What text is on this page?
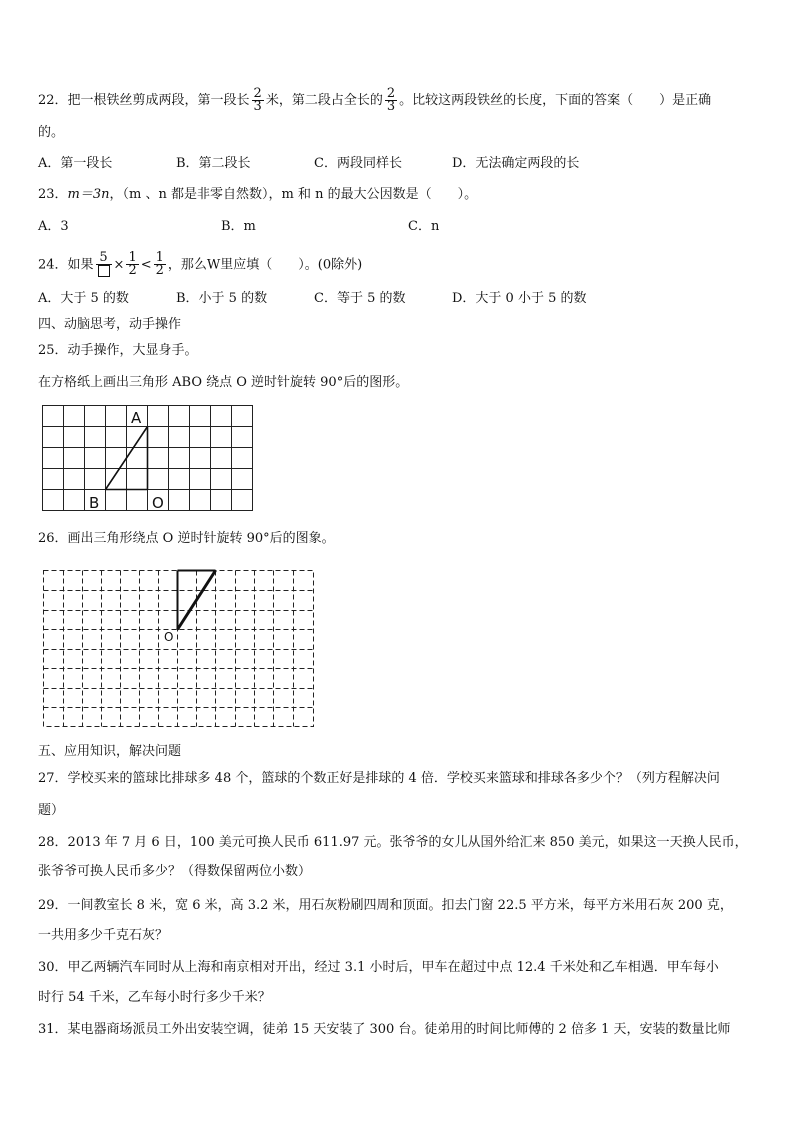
22．把一根铁丝剪成两段，第一段长 $\frac{2}{3}$ 米，第二段占全长的 $\frac{2}{3}$ 。比较这两段铁丝的长度，下面的答案（　　）是正确
的。
A．第一段长	B．第二段长	C．两段同样长	D．无法确定两段的长
23．m＝3n，（m 、n 都是非零自然数），m 和 n 的最大公因数是（　　）。
A．3	B．m	C．n
24．如果 $5 \times \frac{1}{2} < \frac{1}{2}$ ，那么W里应填（　　）。(0除外)
A．大于 5 的数	B．小于 5 的数	C．等于 5 的数	D．大于 0 小于 5 的数
四、动脑思考，动手操作
25．动手操作，大显身手。
在方格纸上画出三角形 ABO 绕点 O 逆时针旋转 90°后的图形。
A
B	O
26．画出三角形绕点 O 逆时针旋转 90°后的图象。
O
五、应用知识，解决问题
27．学校买来的篮球比排球多 48 个，篮球的个数正好是排球的 4 倍．学校买来篮球和排球各多少个？（列方程解决问
题）
28．2013 年 7 月 6 日，100 美元可换人民币 611.97 元。张爷爷的女儿从国外给汇来 850 美元，如果这一天换人民币，
张爷爷可换人民币多少？（得数保留两位小数）
29．一间教室长 8 米，宽 6 米，高 3.2 米，用石灰粉刷四周和顶面。扣去门窗 22.5 平方米，每平方米用石灰 200 克，
一共用多少千克石灰？
30．甲乙两辆汽车同时从上海和南京相对开出，经过 3.1 小时后，甲车在超过中点 12.4 千米处和乙车相遇．甲车每小
时行 54 千米，乙车每小时行多少千米？
31．某电器商场派员工外出安装空调，徒弟 15 天安装了 300 台。徒弟用的时间比师傅的 2 倍多 1 天，安装的数量比师
